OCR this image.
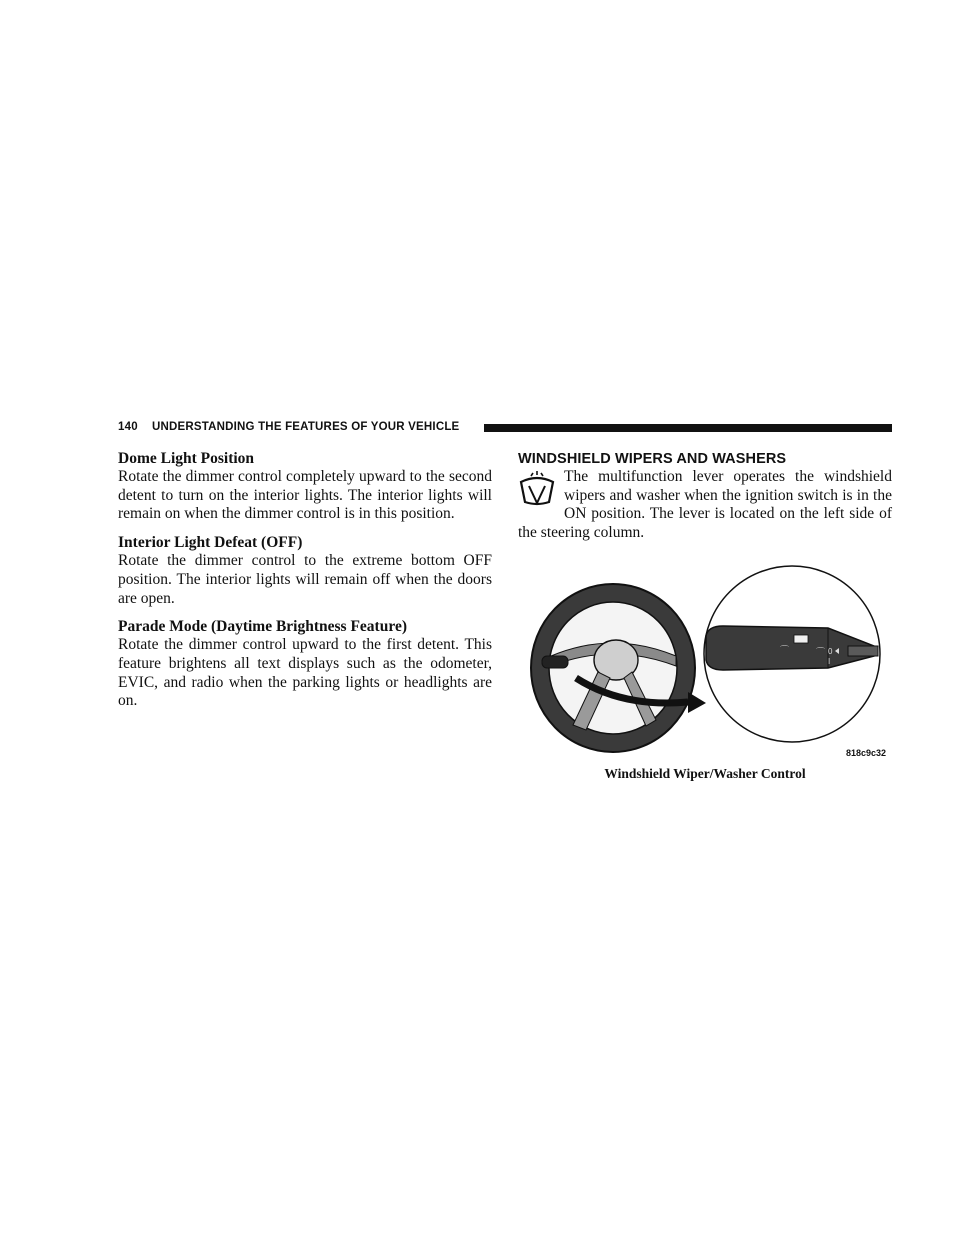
140 UNDERSTANDING THE FEATURES OF YOUR VEHICLE
Dome Light Position

Rotate the dimmer control completely upward to the second detent to turn on the interior lights. The interior lights will remain on when the dimmer control is in this position.

Interior Light Defeat (OFF)

Rotate the dimmer control to the extreme bottom OFF position. The interior lights will remain off when the doors are open.

Parade Mode (Daytime Brightness Feature)

Rotate the dimmer control upward to the first detent. This feature brightens all text displays such as the odometer, EVIC, and radio when the parking lights or headlights are on.

WINDSHIELD WIPERS AND WASHERS

The multifunction lever operates the windshield wipers and washer when the ignition switch is in the ON position. The lever is located on the left side of the steering column.

⌒	⌒ 0
I
818c9c32
Windshield Wiper/Washer Control
